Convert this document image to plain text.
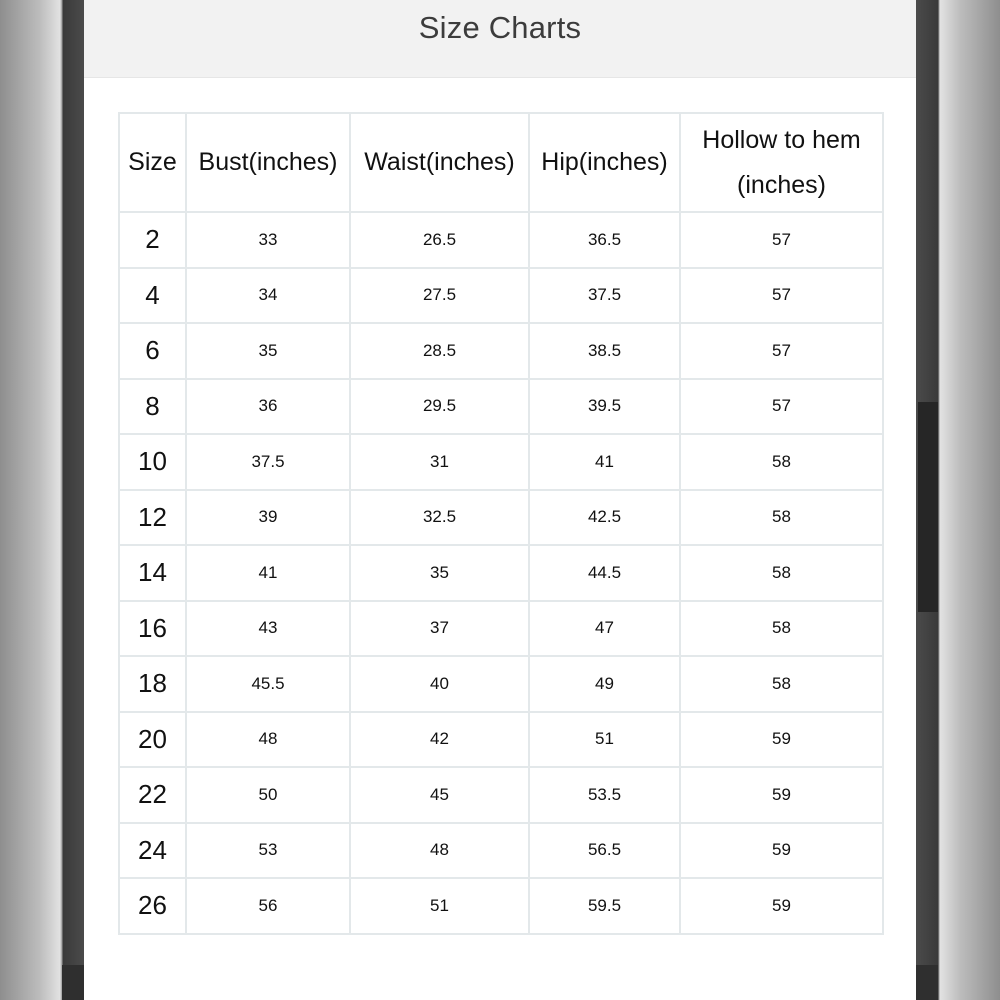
Size Charts
Size	Bust(inches)	Waist(inches)	Hip(inches)	Hollow to hem (inches)
2	33	26.5	36.5	57
4	34	27.5	37.5	57
6	35	28.5	38.5	57
8	36	29.5	39.5	57
10	37.5	31	41	58
12	39	32.5	42.5	58
14	41	35	44.5	58
16	43	37	47	58
18	45.5	40	49	58
20	48	42	51	59
22	50	45	53.5	59
24	53	48	56.5	59
26	56	51	59.5	59
